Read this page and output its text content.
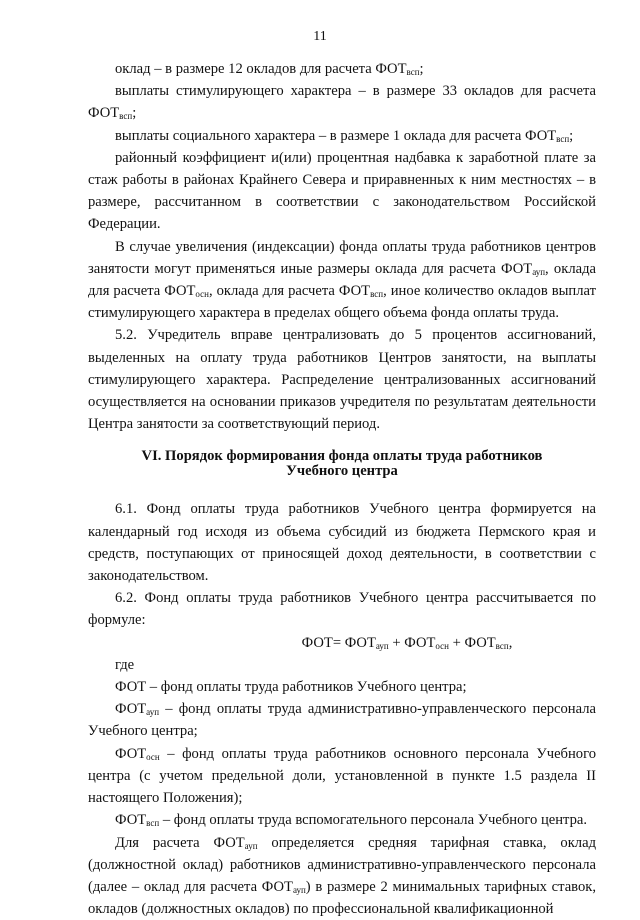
11

оклад – в размере 12 окладов для расчета $ФОТ_{всп}$;

выплаты стимулирующего характера – в размере 33 окладов для расчета $ФОТ_{всп}$;

выплаты социального характера – в размере 1 оклада для расчета $ФОТ_{всп}$;

районный коэффициент и(или) процентная надбавка к заработной плате за стаж работы в районах Крайнего Севера и приравненных к ним местностях – в размере, рассчитанном в соответствии с законодательством Российской Федерации.

В случае увеличения (индексации) фонда оплаты труда работников центров занятости могут применяться иные размеры оклада для расчета $ФОТ_{ауп}$, оклада для расчета $ФОТ_{осн}$, оклада для расчета $ФОТ_{всп}$, иное количество окладов выплат стимулирующего характера в пределах общего объема фонда оплаты труда.

5.2. Учредитель вправе централизовать до 5 процентов ассигнований, выделенных на оплату труда работников Центров занятости, на выплаты стимулирующего характера. Распределение централизованных ассигнований осуществляется на основании приказов учредителя по результатам деятельности Центра занятости за соответствующий период.

VI. Порядок формирования фонда оплаты труда работников
Учебного центра

6.1. Фонд оплаты труда работников Учебного центра формируется на календарный год исходя из объема субсидий из бюджета Пермского края и средств, поступающих от приносящей доход деятельности, в соответствии с законодательством.

6.2. Фонд оплаты труда работников Учебного центра рассчитывается по формуле:

$ФОТ= ФОТ_{ауп} + ФОТ_{осн} + ФОТ_{всп}$,

где

ФОТ – фонд оплаты труда работников Учебного центра;

$ФОТ_{ауп}$ – фонд оплаты труда административно-управленческого персонала Учебного центра;

$ФОТ_{осн}$ – фонд оплаты труда работников основного персонала Учебного центра (с учетом предельной доли, установленной в пункте 1.5 раздела II настоящего Положения);

$ФОТ_{всп}$ – фонд оплаты труда вспомогательного персонала Учебного центра.

Для расчета $ФОТ_{ауп}$ определяется средняя тарифная ставка, оклад (должностной оклад) работников административно-управленческого персонала (далее – оклад для расчета $ФОТ_{ауп}$) в размере 2 минимальных тарифных ставок, окладов (должностных окладов) по профессиональной квалификационной
